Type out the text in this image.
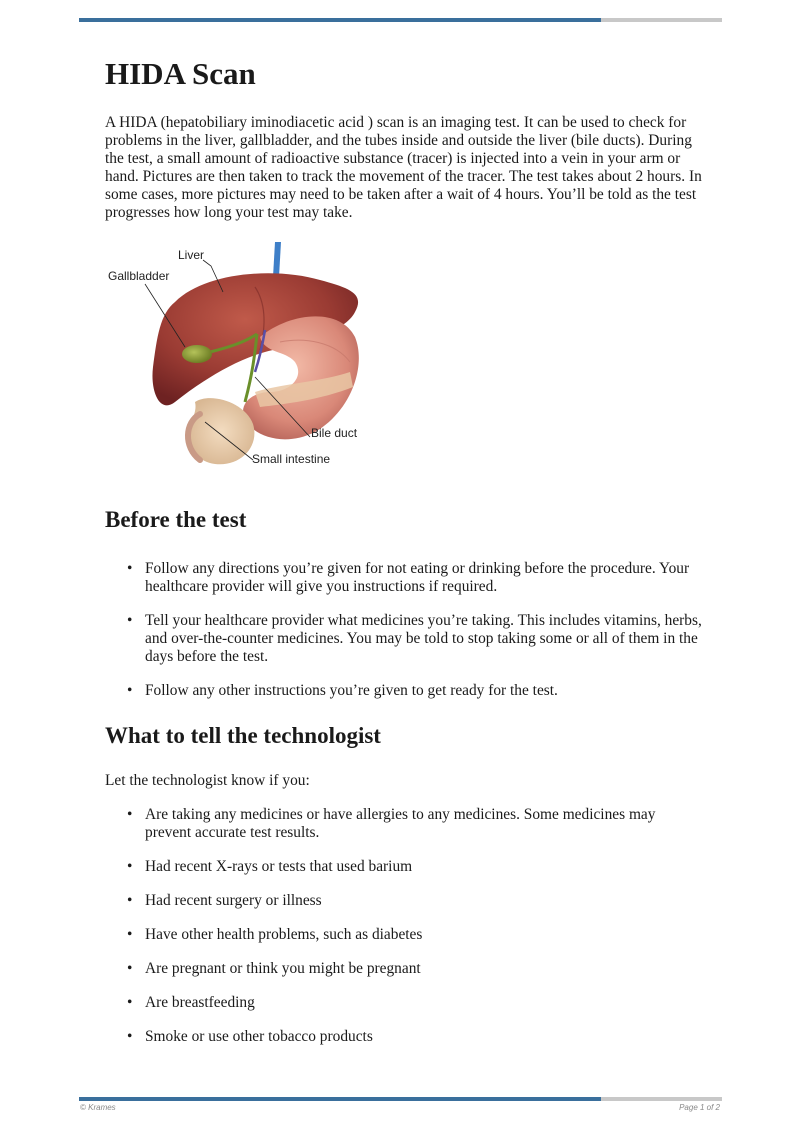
HIDA Scan

A HIDA (hepatobiliary iminodiacetic acid ) scan is an imaging test. It can be used to check for problems in the liver, gallbladder, and the tubes inside and outside the liver (bile ducts). During the test, a small amount of radioactive substance (tracer) is injected into a vein in your arm or hand. Pictures are then taken to track the movement of the tracer. The test takes about 2 hours. In some cases, more pictures may need to be taken after a wait of 4 hours. You’ll be told as the test progresses how long your test may take.

Liver
Gallbladder
Bile duct
Small intestine
Before the test
• Follow any directions you’re given for not eating or drinking before the procedure. Your healthcare provider will give you instructions if required.
• Tell your healthcare provider what medicines you’re taking. This includes vitamins, herbs, and over-the-counter medicines. You may be told to stop taking some or all of them in the days before the test.
• Follow any other instructions you’re given to get ready for the test.
What to tell the technologist

Let the technologist know if you:

• Are taking any medicines or have allergies to any medicines. Some medicines may prevent accurate test results.
• Had recent X-rays or tests that used barium
• Had recent surgery or illness
• Have other health problems, such as diabetes
• Are pregnant or think you might be pregnant
• Are breastfeeding
• Smoke or use other tobacco products
© Krames	Page 1 of 2
